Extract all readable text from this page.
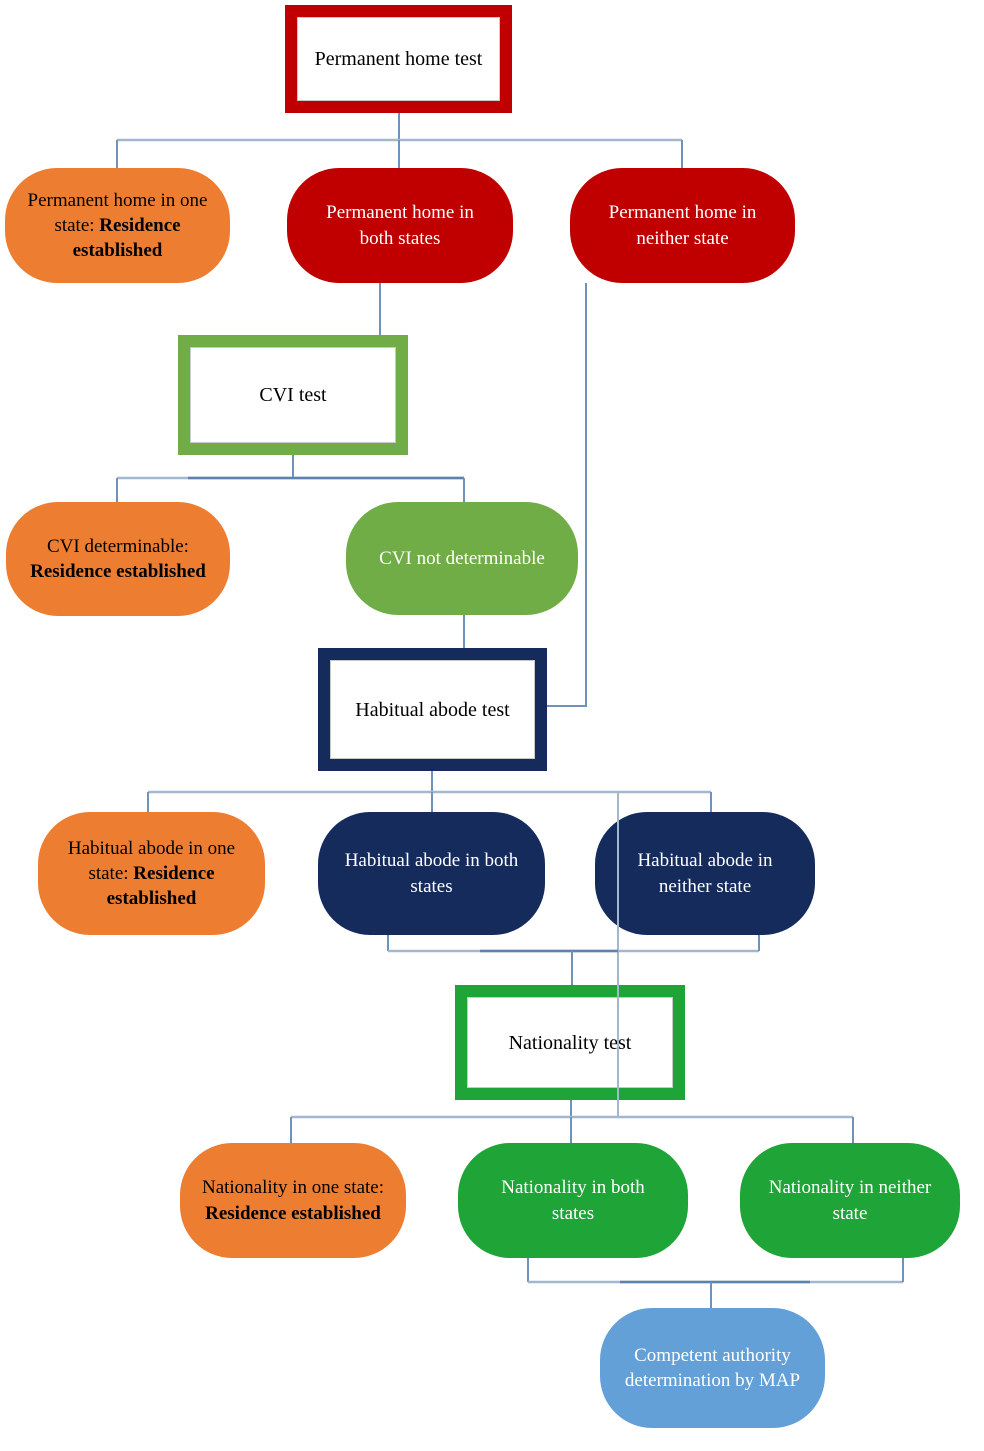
Permanent home test
CVI test
Habitual abode test
Nationality test
Permanent home in one state: Residence established
Permanent home in both states
Permanent home in neither state
CVI determinable: Residence established
CVI not determinable
Habitual abode in one state: Residence established
Habitual abode in both states
Habitual abode in neither state
Nationality in one state: Residence established
Nationality in both states
Nationality in neither state
Competent authority determination by MAP
